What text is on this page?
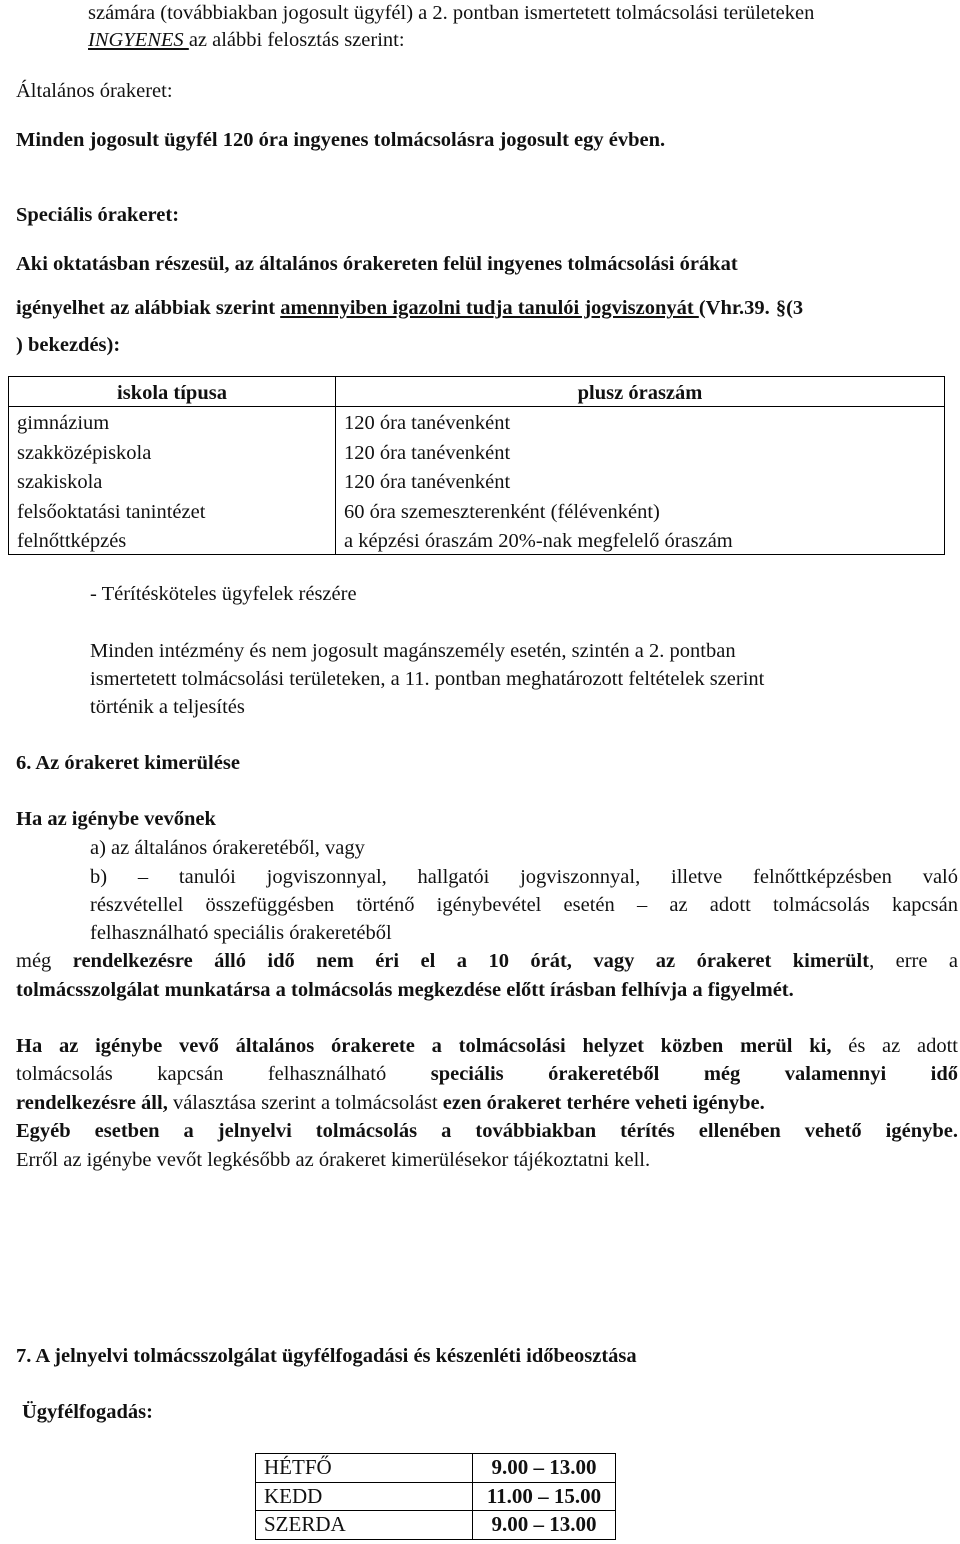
számára (továbbiakban jogosult ügyfél) a 2. pontban ismertetett tolmácsolási területeken
INGYENES az alábbi felosztás szerint:
Általános órakeret:
Minden jogosult ügyfél 120 óra ingyenes tolmácsolásra jogosult egy évben.
Speciális órakeret:
Aki oktatásban részesül, az általános órakereten felül ingyenes tolmácsolási órákat
igényelhet az alábbiak szerint amennyiben igazolni tudja tanulói jogviszonyát (Vhr.39. §(3
) bekezdés):
iskola típusa	plusz óraszám
gimnázium	120 óra tanévenként
szakközépiskola	120 óra tanévenként
szakiskola	120 óra tanévenként
felsőoktatási tanintézet	60 óra szemeszterenként (félévenként)
felnőttképzés	a képzési óraszám 20%-nak megfelelő óraszám
- Térítésköteles ügyfelek részére
Minden intézmény és nem jogosult magánszemély esetén, szintén a 2. pontban
ismertetett tolmácsolási területeken, a 11. pontban meghatározott feltételek szerint
történik a teljesítés
6. Az órakeret kimerülése
Ha az igénybe vevőnek
a) az általános órakeretéből, vagy
b) – tanulói jogviszonnyal, hallgatói jogviszonnyal, illetve felnőttképzésben való
részvétellel összefüggésben történő igénybevétel esetén – az adott tolmácsolás kapcsán
felhasználható speciális órakeretéből
még rendelkezésre álló idő nem éri el a 10 órát, vagy az órakeret kimerült, erre a
tolmácsszolgálat munkatársa a tolmácsolás megkezdése előtt írásban felhívja a figyelmét.
Ha az igénybe vevő általános órakerete a tolmácsolási helyzet közben merül ki, és az adott
tolmácsolás kapcsán felhasználható speciális órakeretéből még valamennyi idő
rendelkezésre áll, választása szerint a tolmácsolást ezen órakeret terhére veheti igénybe.
Egyéb esetben a jelnyelvi tolmácsolás a továbbiakban térítés ellenében vehető igénybe.
Erről az igénybe vevőt legkésőbb az órakeret kimerülésekor tájékoztatni kell.
7. A jelnyelvi tolmácsszolgálat ügyfélfogadási és készenléti időbeosztása
Ügyfélfogadás:
HÉTFŐ	9.00 – 13.00
KEDD	11.00 – 15.00
SZERDA	9.00 – 13.00
